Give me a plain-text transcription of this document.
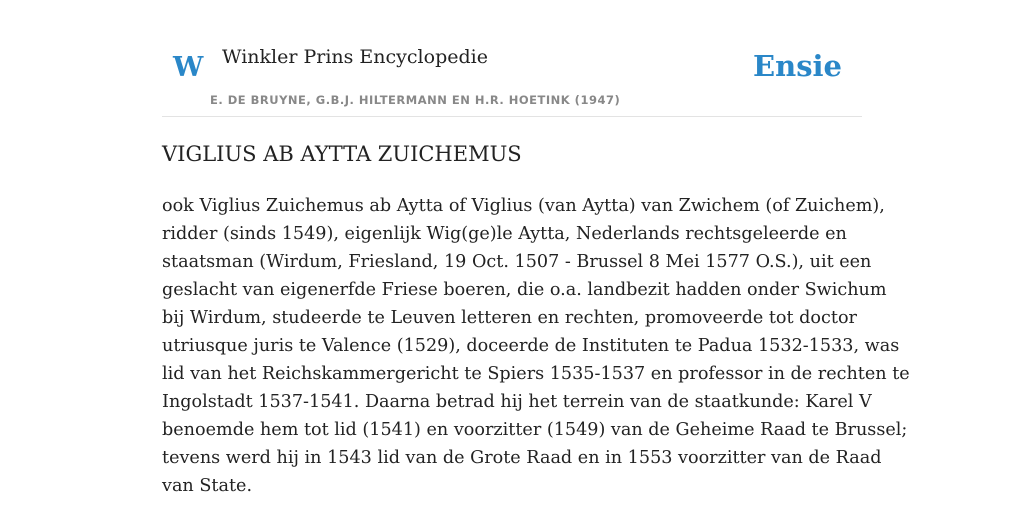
W Winkler Prins Encyclopedie
E. DE BRUYNE, G.B.J. HILTERMANN EN H.R. HOETINK (1947)
Ensie
VIGLIUS AB AYTTA ZUICHEMUS
ook Viglius Zuichemus ab Aytta of Viglius (van Aytta) van Zwichem (of Zuichem),
ridder (sinds 1549), eigenlijk Wig(ge)le Aytta, Nederlands rechtsgeleerde en
staatsman (Wirdum, Friesland, 19 Oct. 1507 - Brussel 8 Mei 1577 O.S.), uit een
geslacht van eigenerfde Friese boeren, die o.a. landbezit hadden onder Swichum
bij Wirdum, studeerde te Leuven letteren en rechten, promoveerde tot doctor
utriusque juris te Valence (1529), doceerde de Instituten te Padua 1532-1533, was
lid van het Reichskammergericht te Spiers 1535-1537 en professor in de rechten te
Ingolstadt 1537-1541. Daarna betrad hij het terrein van de staatkunde: Karel V
benoemde hem tot lid (1541) en voorzitter (1549) van de Geheime Raad te Brussel;
tevens werd hij in 1543 lid van de Grote Raad en in 1553 voorzitter van de Raad
van State.
